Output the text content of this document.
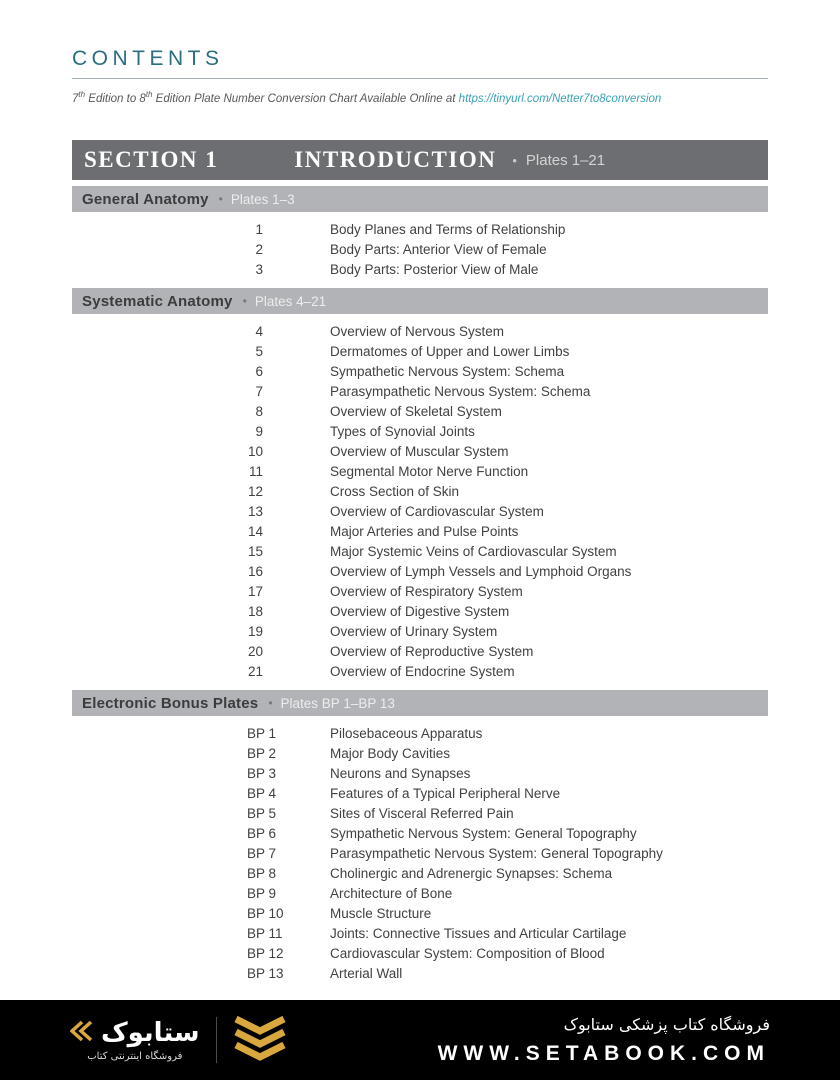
CONTENTS

7th Edition to 8th Edition Plate Number Conversion Chart Available Online at https://tinyurl.com/Netter7to8conversion

SECTION 1	INTRODUCTION • Plates 1–21
General Anatomy • Plates 1–3
1	Body Planes and Terms of Relationship
2	Body Parts: Anterior View of Female
3	Body Parts: Posterior View of Male
Systematic Anatomy • Plates 4–21
4	Overview of Nervous System
5	Dermatomes of Upper and Lower Limbs
6	Sympathetic Nervous System: Schema
7	Parasympathetic Nervous System: Schema
8	Overview of Skeletal System
9	Types of Synovial Joints
10	Overview of Muscular System
11	Segmental Motor Nerve Function
12	Cross Section of Skin
13	Overview of Cardiovascular System
14	Major Arteries and Pulse Points
15	Major Systemic Veins of Cardiovascular System
16	Overview of Lymph Vessels and Lymphoid Organs
17	Overview of Respiratory System
18	Overview of Digestive System
19	Overview of Urinary System
20	Overview of Reproductive System
21	Overview of Endocrine System
Electronic Bonus Plates • Plates BP 1–BP 13
BP 1	Pilosebaceous Apparatus
BP 2	Major Body Cavities
BP 3	Neurons and Synapses
BP 4	Features of a Typical Peripheral Nerve
BP 5	Sites of Visceral Referred Pain
BP 6	Sympathetic Nervous System: General Topography
BP 7	Parasympathetic Nervous System: General Topography
BP 8	Cholinergic and Adrenergic Synapses: Schema
BP 9	Architecture of Bone
BP 10	Muscle Structure
BP 11	Joints: Connective Tissues and Articular Cartilage
BP 12	Cardiovascular System: Composition of Blood
BP 13	Arterial Wall
ستابوک
فروشگاه اینترنتی کتاب
فروشگاه کتاب پزشکی ستابوک
WWW.SETABOOK.COM
